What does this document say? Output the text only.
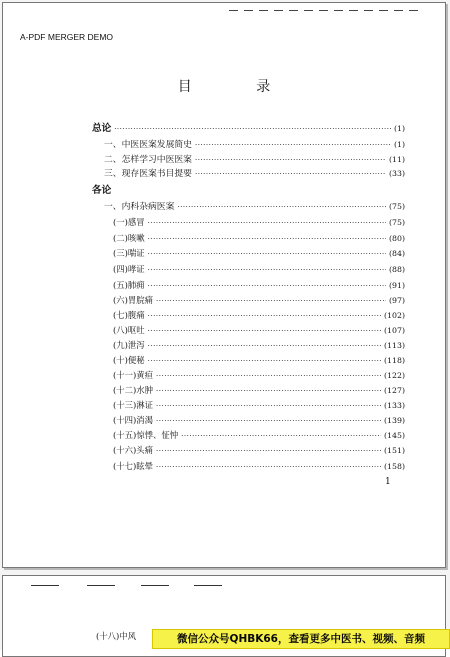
A-PDF MERGER DEMO
目 录
总论 ·····	(1)
一、中医医案发展简史 ·····	(1)
二、怎样学习中医医案 ·····	(11)
三、现存医案书目提要 ·····	(33)
各论
一、内科杂病医案 ·····	(75)
(一)感冒 ·····	(75)
(二)咳嗽 ·····	(80)
(三)喘证 ·····	(84)
(四)哮证 ·····	(88)
(五)肺痈 ·····	(91)
(六)胃脘痛 ·····	(97)
(七)腹痛 ·····	(102)
(八)呕吐 ·····	(107)
(九)泄泻 ·····	(113)
(十)便秘 ·····	(118)
(十一)黄疸 ·····	(122)
(十二)水肿 ·····	(127)
(十三)淋证 ·····	(133)
(十四)消渴 ·····	(139)
(十五)惊悸、怔忡 ·····	(145)
(十六)头痛 ·····	(151)
(十七)眩晕 ·····	(158)
1
(十八)中风	微信公众号QHBK66，查看更多中医书、视频、音频
